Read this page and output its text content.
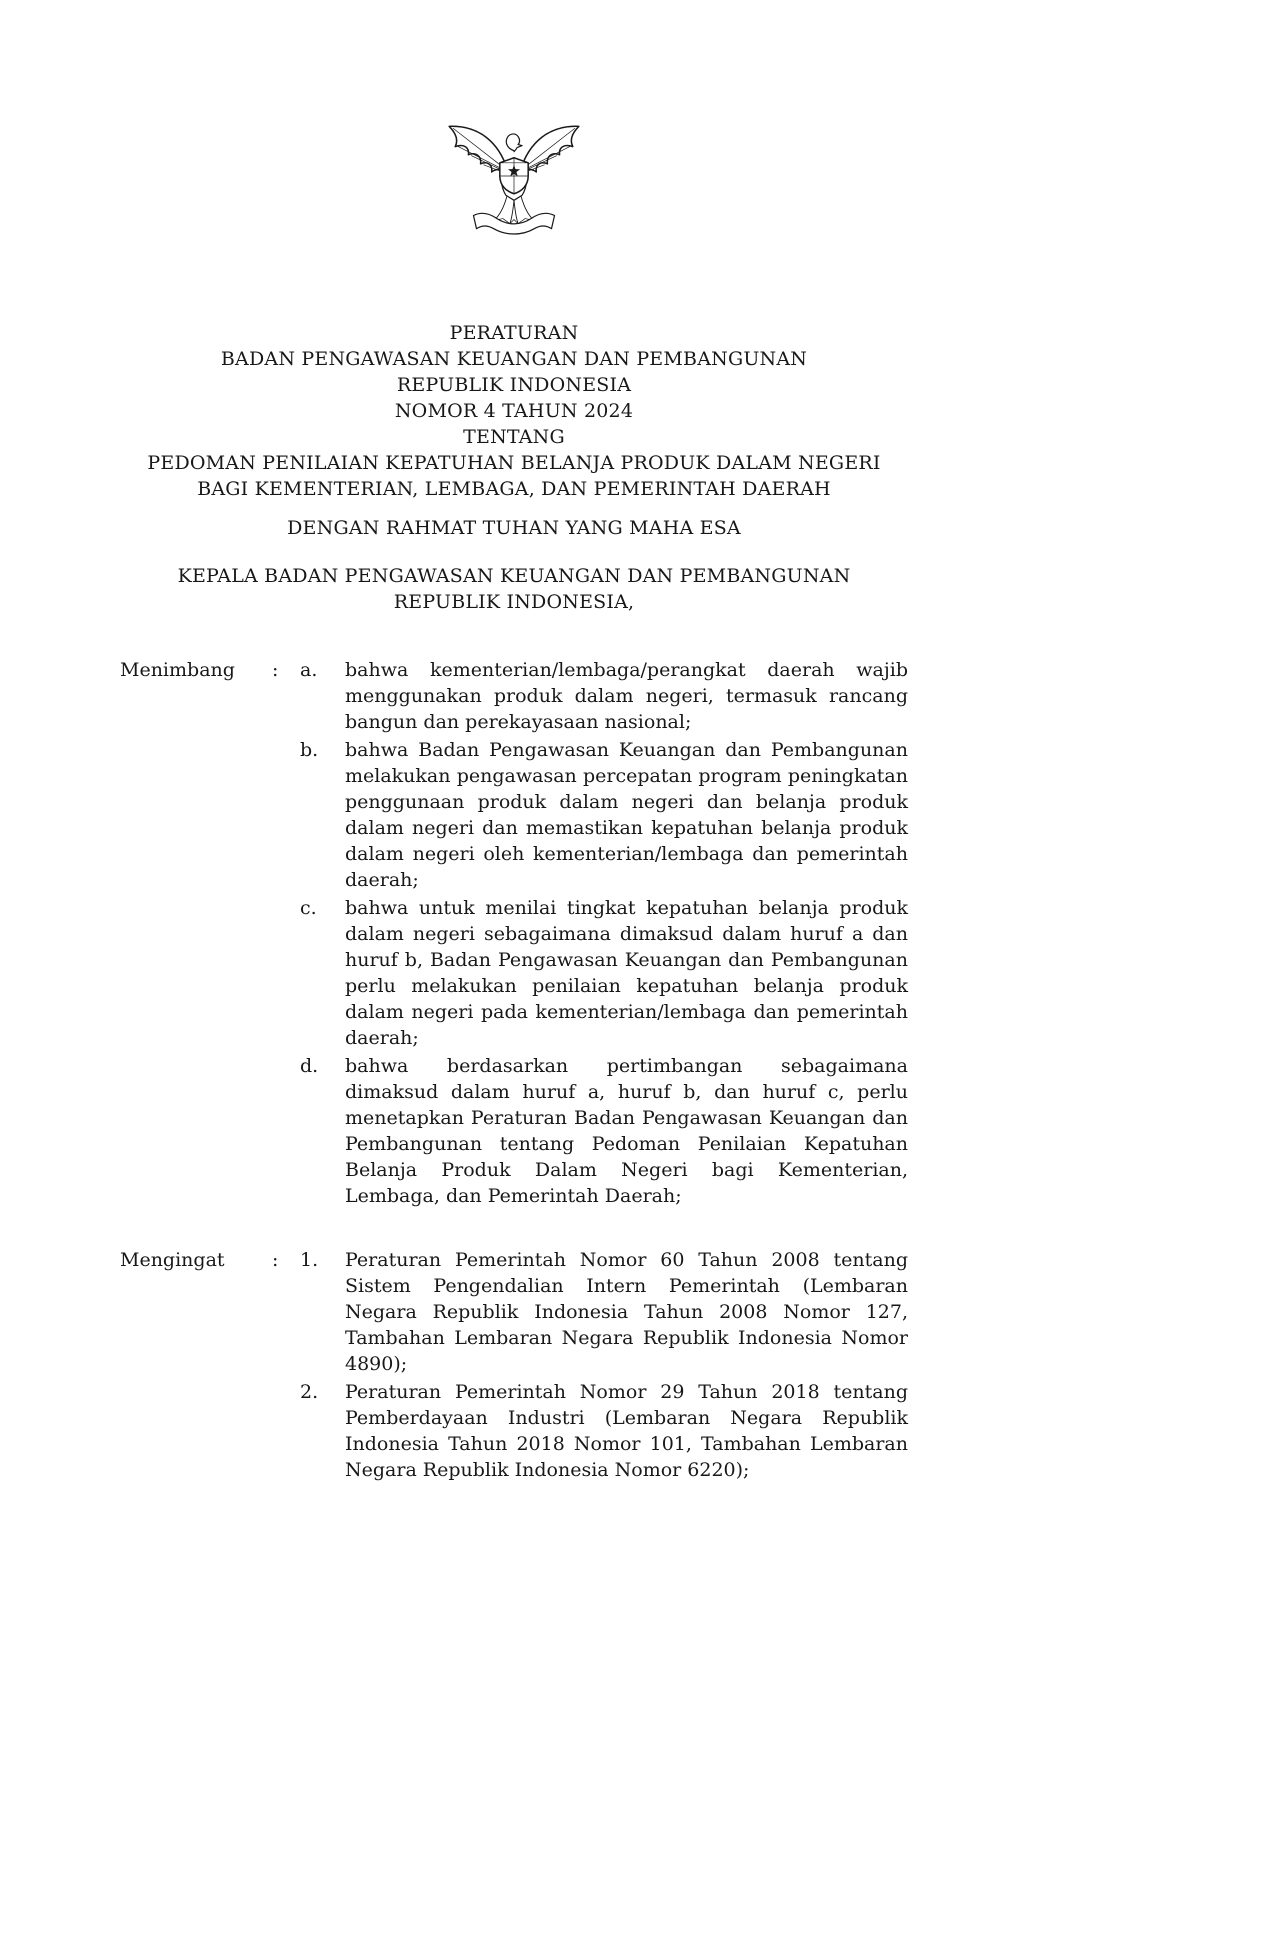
PERATURAN
BADAN PENGAWASAN KEUANGAN DAN PEMBANGUNAN
REPUBLIK INDONESIA
NOMOR 4 TAHUN 2024
TENTANG
PEDOMAN PENILAIAN KEPATUHAN BELANJA PRODUK DALAM NEGERI
BAGI KEMENTERIAN, LEMBAGA, DAN PEMERINTAH DAERAH
DENGAN RAHMAT TUHAN YANG MAHA ESA
KEPALA BADAN PENGAWASAN KEUANGAN DAN PEMBANGUNAN
REPUBLIK INDONESIA,
Menimbang	:	a.	bahwa kementerian/lembaga/perangkat daerah wajib menggunakan produk dalam negeri, termasuk rancang bangun dan perekayasaan nasional;
b.	bahwa Badan Pengawasan Keuangan dan Pembangunan melakukan pengawasan percepatan program peningkatan penggunaan produk dalam negeri dan belanja produk dalam negeri dan memastikan kepatuhan belanja produk dalam negeri oleh kementerian/lembaga dan pemerintah daerah;
c.	bahwa untuk menilai tingkat kepatuhan belanja produk dalam negeri sebagaimana dimaksud dalam huruf a dan huruf b, Badan Pengawasan Keuangan dan Pembangunan perlu melakukan penilaian kepatuhan belanja produk dalam negeri pada kementerian/lembaga dan pemerintah daerah;
d.	bahwa berdasarkan pertimbangan sebagaimana dimaksud dalam huruf a, huruf b, dan huruf c, perlu menetapkan Peraturan Badan Pengawasan Keuangan dan Pembangunan tentang Pedoman Penilaian Kepatuhan Belanja Produk Dalam Negeri bagi Kementerian, Lembaga, dan Pemerintah Daerah;
Mengingat	:	1.	Peraturan Pemerintah Nomor 60 Tahun 2008 tentang Sistem Pengendalian Intern Pemerintah (Lembaran Negara Republik Indonesia Tahun 2008 Nomor 127, Tambahan Lembaran Negara Republik Indonesia Nomor 4890);
2.	Peraturan Pemerintah Nomor 29 Tahun 2018 tentang Pemberdayaan Industri (Lembaran Negara Republik Indonesia Tahun 2018 Nomor 101, Tambahan Lembaran Negara Republik Indonesia Nomor 6220);
